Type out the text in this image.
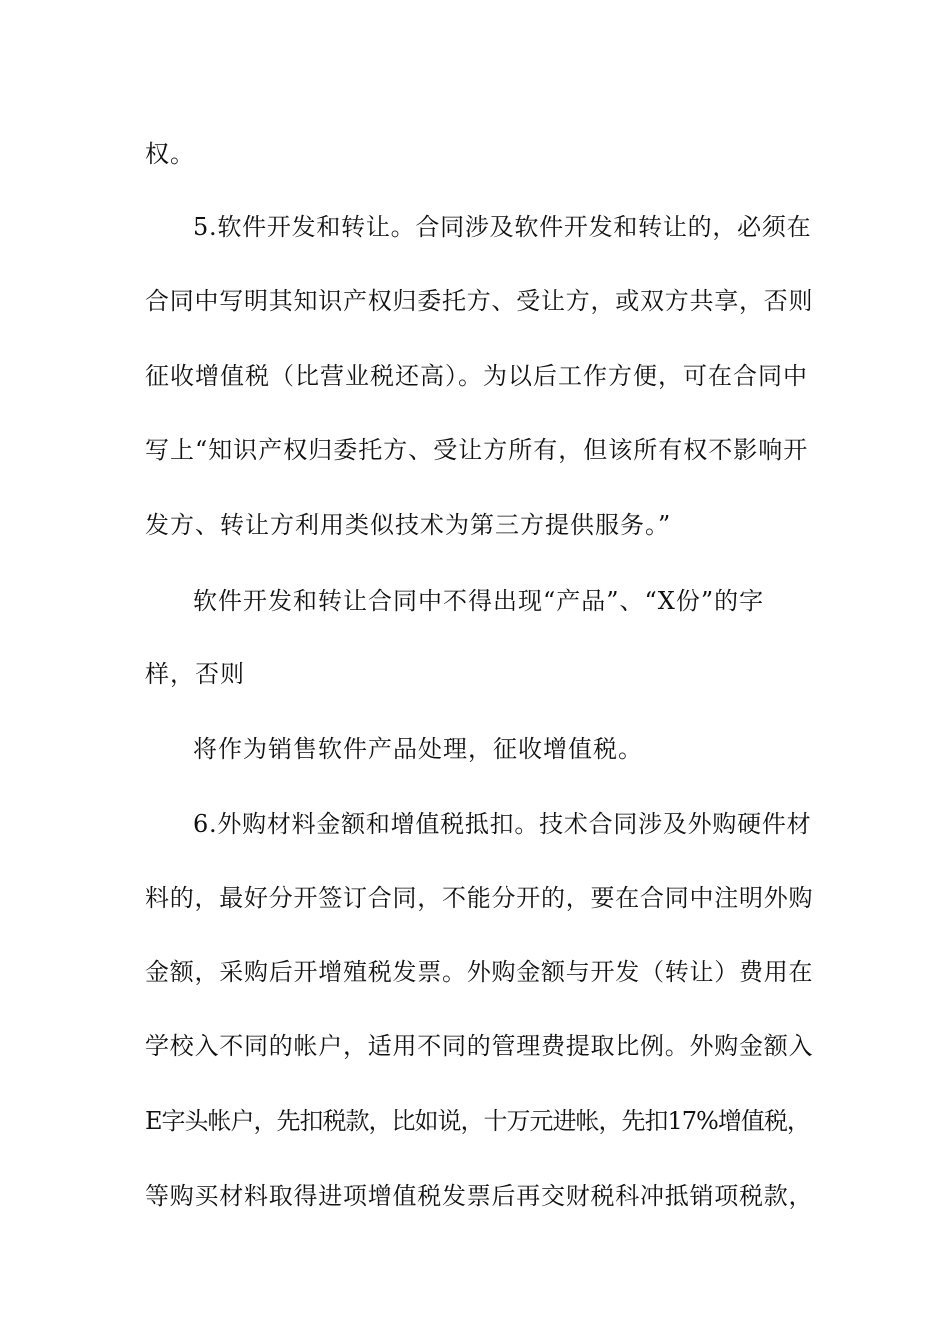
权。
5.软件开发和转让。合同涉及软件开发和转让的，必须在
合同中写明其知识产权归委托方、受让方，或双方共享，否则
征收增值税（比营业税还高）。为以后工作方便，可在合同中
写上“知识产权归委托方、受让方所有，但该所有权不影响开
发方、转让方利用类似技术为第三方提供服务。”
软件开发和转让合同中不得出现“产品”、“X份”的字
样，否则
将作为销售软件产品处理，征收增值税。
6.外购材料金额和增值税抵扣。技术合同涉及外购硬件材
料的，最好分开签订合同，不能分开的，要在合同中注明外购
金额，采购后开增殖税发票。外购金额与开发（转让）费用在
学校入不同的帐户，适用不同的管理费提取比例。外购金额入
E字头帐户，先扣税款，比如说，十万元进帐，先扣17%增值税，
等购买材料取得进项增值税发票后再交财税科冲抵销项税款，
